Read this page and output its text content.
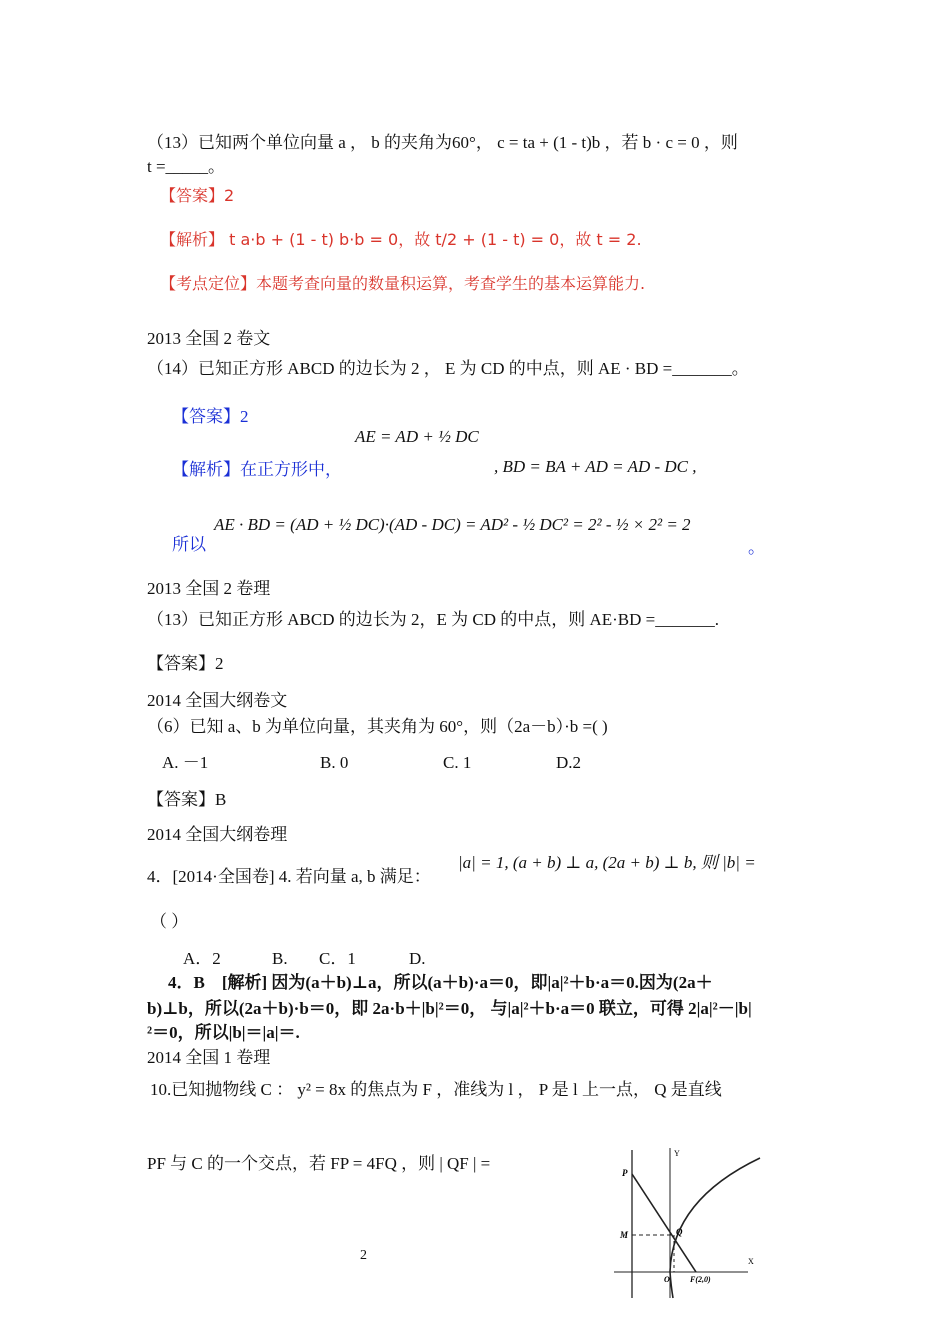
（13）已知两个单位向量 a ， b 的夹角为60°， c = ta + (1 - t)b ，若 b · c = 0 ，则
t =_____。
【答案】2
【解析】 t a·b + (1 - t) b·b = 0，故 t/2 + (1 - t) = 0，故 t = 2.
【考点定位】本题考查向量的数量积运算，考查学生的基本运算能力.
2013 全国 2 卷文
（14）已知正方形 ABCD 的边长为 2 ， E 为 CD 的中点，则 AE · BD =_______。
【答案】2
AE = AD + ½ DC
【解析】在正方形中，	, BD = BA + AD = AD - DC ,
所以
AE · BD = (AD + ½ DC)·(AD - DC) = AD² - ½ DC² = 2² - ½ × 2² = 2
。
2013 全国 2 卷理
（13）已知正方形 ABCD 的边长为 2，E 为 CD 的中点，则 AE·BD =_______.
【答案】2
2014 全国大纲卷文
（6）已知 a、b 为单位向量，其夹角为 60°，则（2a－b）·b =( )
A. －1	B. 0	C. 1	D.2
【答案】B
2014 全国大纲卷理
4．[2014·全国卷] 4. 若向量 a, b 满足：
|a| = 1, (a + b) ⊥ a, (2a + b) ⊥ b, 则 |b| =
（ ）
A．2	B. C．1	D.
4．B　[解析] 因为(a＋b)⊥a，所以(a＋b)·a＝0，即|a|²＋b·a＝0.因为(2a＋
b)⊥b，所以(2a＋b)·b＝0，即 2a·b＋|b|²＝0， 与|a|²＋b·a＝0 联立，可得 2|a|²－|b|
²＝0，所以|b|＝|a|＝.
2014 全国 1 卷理
10.已知抛物线 C ： y² = 8x 的焦点为 F ，准线为 l ， P 是 l 上一点， Q 是直线
PF 与 C 的一个交点，若 FP = 4FQ ，则 | QF | =
Y
X
P
M	Q
O	F(2,0)
2
